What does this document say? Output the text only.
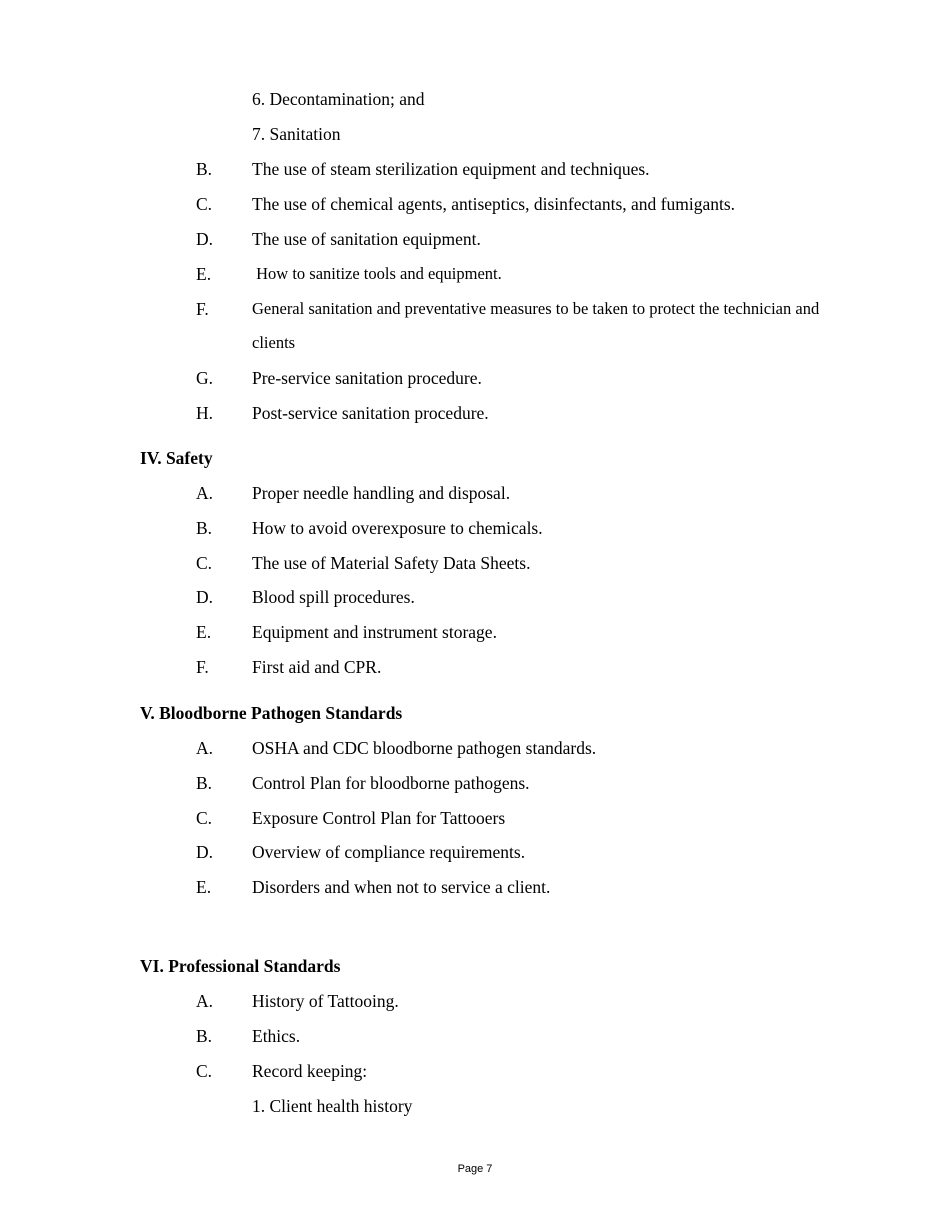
6. Decontamination; and
7. Sanitation
B. The use of steam sterilization equipment and techniques.
C. The use of chemical agents, antiseptics, disinfectants, and fumigants.
D. The use of sanitation equipment.
E. How to sanitize tools and equipment.
F.	General sanitation and preventative measures to be taken to protect the technician and
clients
G. Pre-service sanitation procedure.
H. Post-service sanitation procedure.
IV. Safety
A. Proper needle handling and disposal.
B. How to avoid overexposure to chemicals.
C. The use of Material Safety Data Sheets.
D. Blood spill procedures.
E. Equipment and instrument storage.
F. First aid and CPR.
V. Bloodborne Pathogen Standards
A. OSHA and CDC bloodborne pathogen standards.
B. Control Plan for bloodborne pathogens.
C. Exposure Control Plan for Tattooers
D. Overview of compliance requirements.
E. Disorders and when not to service a client.
VI. Professional Standards
A. History of Tattooing.
B. Ethics.
C. Record keeping:
1. Client health history
Page 7
